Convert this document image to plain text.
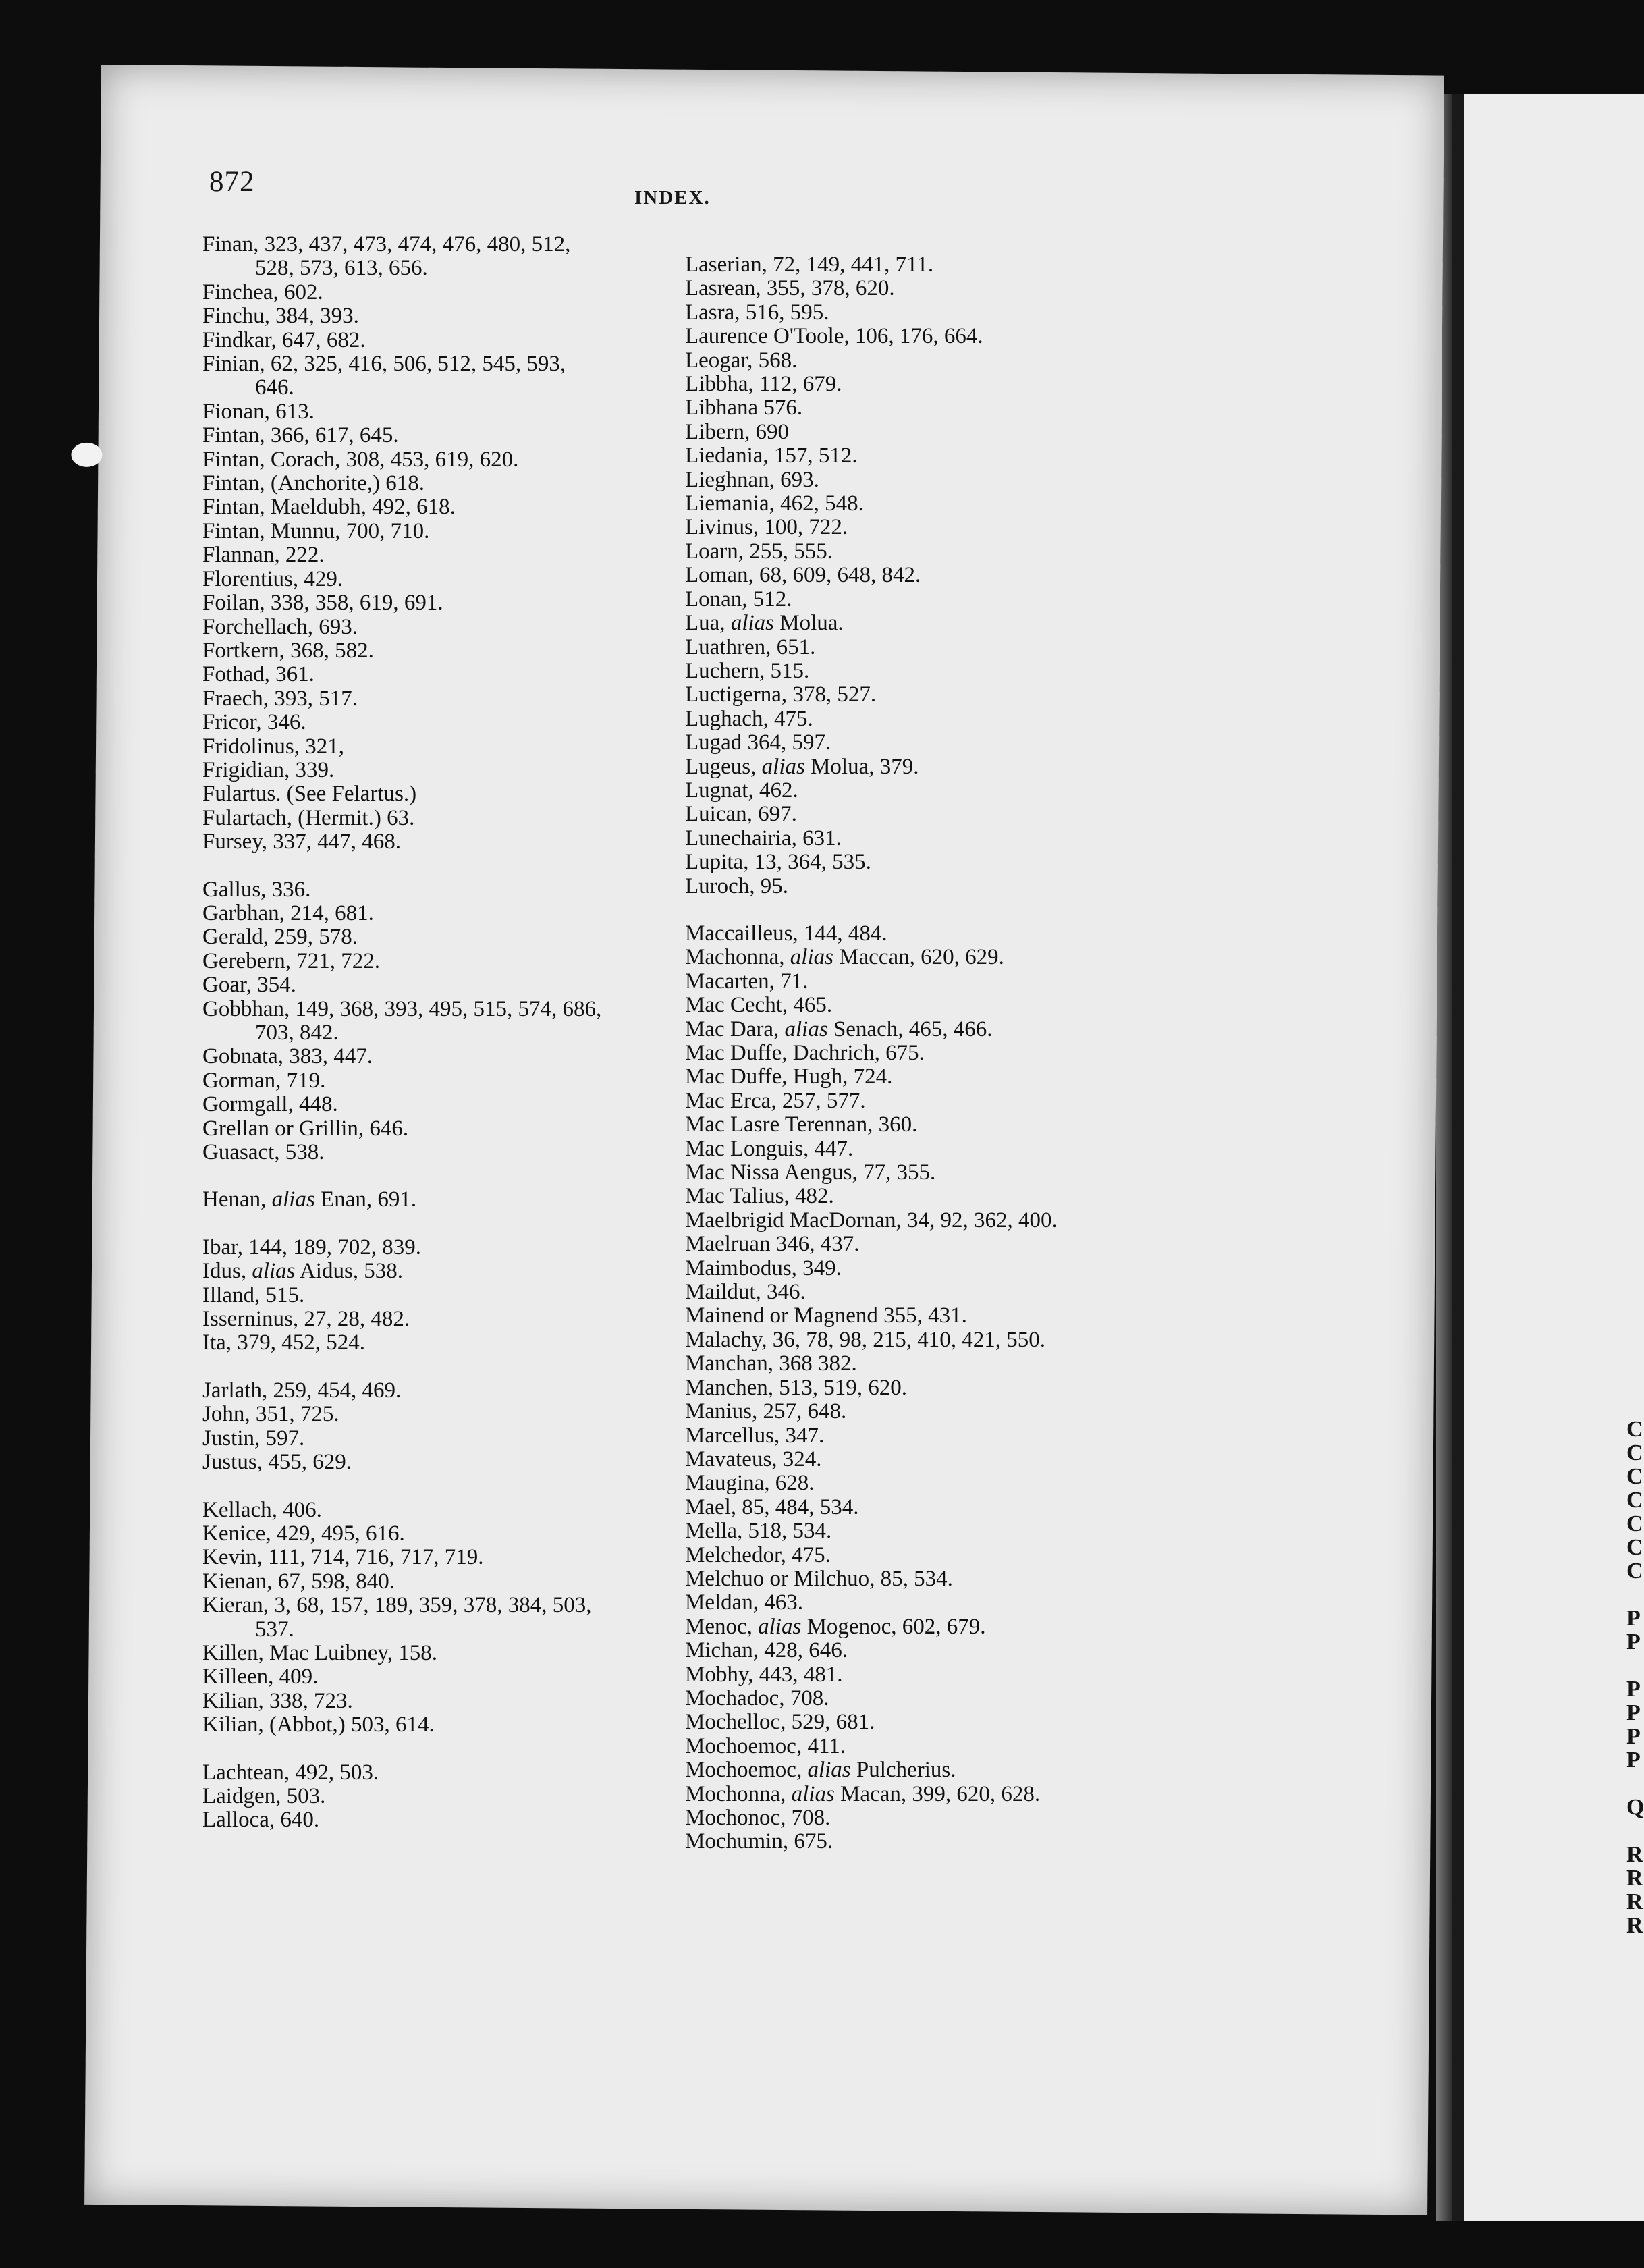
C
C
C
C
C
C
C
P
P
P
P
P
P
Q
R
R
R
R
872	INDEX.
Finan, 323, 437, 473, 474, 476, 480, 512,
528, 573, 613, 656.
Finchea, 602.
Finchu, 384, 393.
Findkar, 647, 682.
Finian, 62, 325, 416, 506, 512, 545, 593,
646.
Fionan, 613.
Fintan, 366, 617, 645.
Fintan, Corach, 308, 453, 619, 620.
Fintan, (Anchorite,) 618.
Fintan, Maeldubh, 492, 618.
Fintan, Munnu, 700, 710.
Flannan, 222.
Florentius, 429.
Foilan, 338, 358, 619, 691.
Forchellach, 693.
Fortkern, 368, 582.
Fothad, 361.
Fraech, 393, 517.
Fricor, 346.
Fridolinus, 321,
Frigidian, 339.
Fulartus. (See Felartus.)
Fulartach, (Hermit.) 63.
Fursey, 337, 447, 468.
Gallus, 336.
Garbhan, 214, 681.
Gerald, 259, 578.
Gerebern, 721, 722.
Goar, 354.
Gobbhan, 149, 368, 393, 495, 515, 574, 686,
703, 842.
Gobnata, 383, 447.
Gorman, 719.
Gormgall, 448.
Grellan or Grillin, 646.
Guasact, 538.
Henan, alias Enan, 691.
Ibar, 144, 189, 702, 839.
Idus, alias Aidus, 538.
Illand, 515.
Isserninus, 27, 28, 482.
Ita, 379, 452, 524.
Jarlath, 259, 454, 469.
John, 351, 725.
Justin, 597.
Justus, 455, 629.
Kellach, 406.
Kenice, 429, 495, 616.
Kevin, 111, 714, 716, 717, 719.
Kienan, 67, 598, 840.
Kieran, 3, 68, 157, 189, 359, 378, 384, 503,
537.
Killen, Mac Luibney, 158.
Killeen, 409.
Kilian, 338, 723.
Kilian, (Abbot,) 503, 614.
Lachtean, 492, 503.
Laidgen, 503.
Lalloca, 640.
Laserian, 72, 149, 441, 711.
Lasrean, 355, 378, 620.
Lasra, 516, 595.
Laurence O'Toole, 106, 176, 664.
Leogar, 568.
Libbha, 112, 679.
Libhana 576.
Libern, 690
Liedania, 157, 512.
Lieghnan, 693.
Liemania, 462, 548.
Livinus, 100, 722.
Loarn, 255, 555.
Loman, 68, 609, 648, 842.
Lonan, 512.
Lua, alias Molua.
Luathren, 651.
Luchern, 515.
Luctigerna, 378, 527.
Lughach, 475.
Lugad 364, 597.
Lugeus, alias Molua, 379.
Lugnat, 462.
Luican, 697.
Lunechairia, 631.
Lupita, 13, 364, 535.
Luroch, 95.
Maccailleus, 144, 484.
Machonna, alias Maccan, 620, 629.
Macarten, 71.
Mac Cecht, 465.
Mac Dara, alias Senach, 465, 466.
Mac Duffe, Dachrich, 675.
Mac Duffe, Hugh, 724.
Mac Erca, 257, 577.
Mac Lasre Terennan, 360.
Mac Longuis, 447.
Mac Nissa Aengus, 77, 355.
Mac Talius, 482.
Maelbrigid MacDornan, 34, 92, 362, 400.
Maelruan 346, 437.
Maimbodus, 349.
Maildut, 346.
Mainend or Magnend 355, 431.
Malachy, 36, 78, 98, 215, 410, 421, 550.
Manchan, 368 382.
Manchen, 513, 519, 620.
Manius, 257, 648.
Marcellus, 347.
Mavateus, 324.
Maugina, 628.
Mael, 85, 484, 534.
Mella, 518, 534.
Melchedor, 475.
Melchuo or Milchuo, 85, 534.
Meldan, 463.
Menoc, alias Mogenoc, 602, 679.
Michan, 428, 646.
Mobhy, 443, 481.
Mochadoc, 708.
Mochelloc, 529, 681.
Mochoemoc, 411.
Mochoemoc, alias Pulcherius.
Mochonna, alias Macan, 399, 620, 628.
Mochonoc, 708.
Mochumin, 675.
